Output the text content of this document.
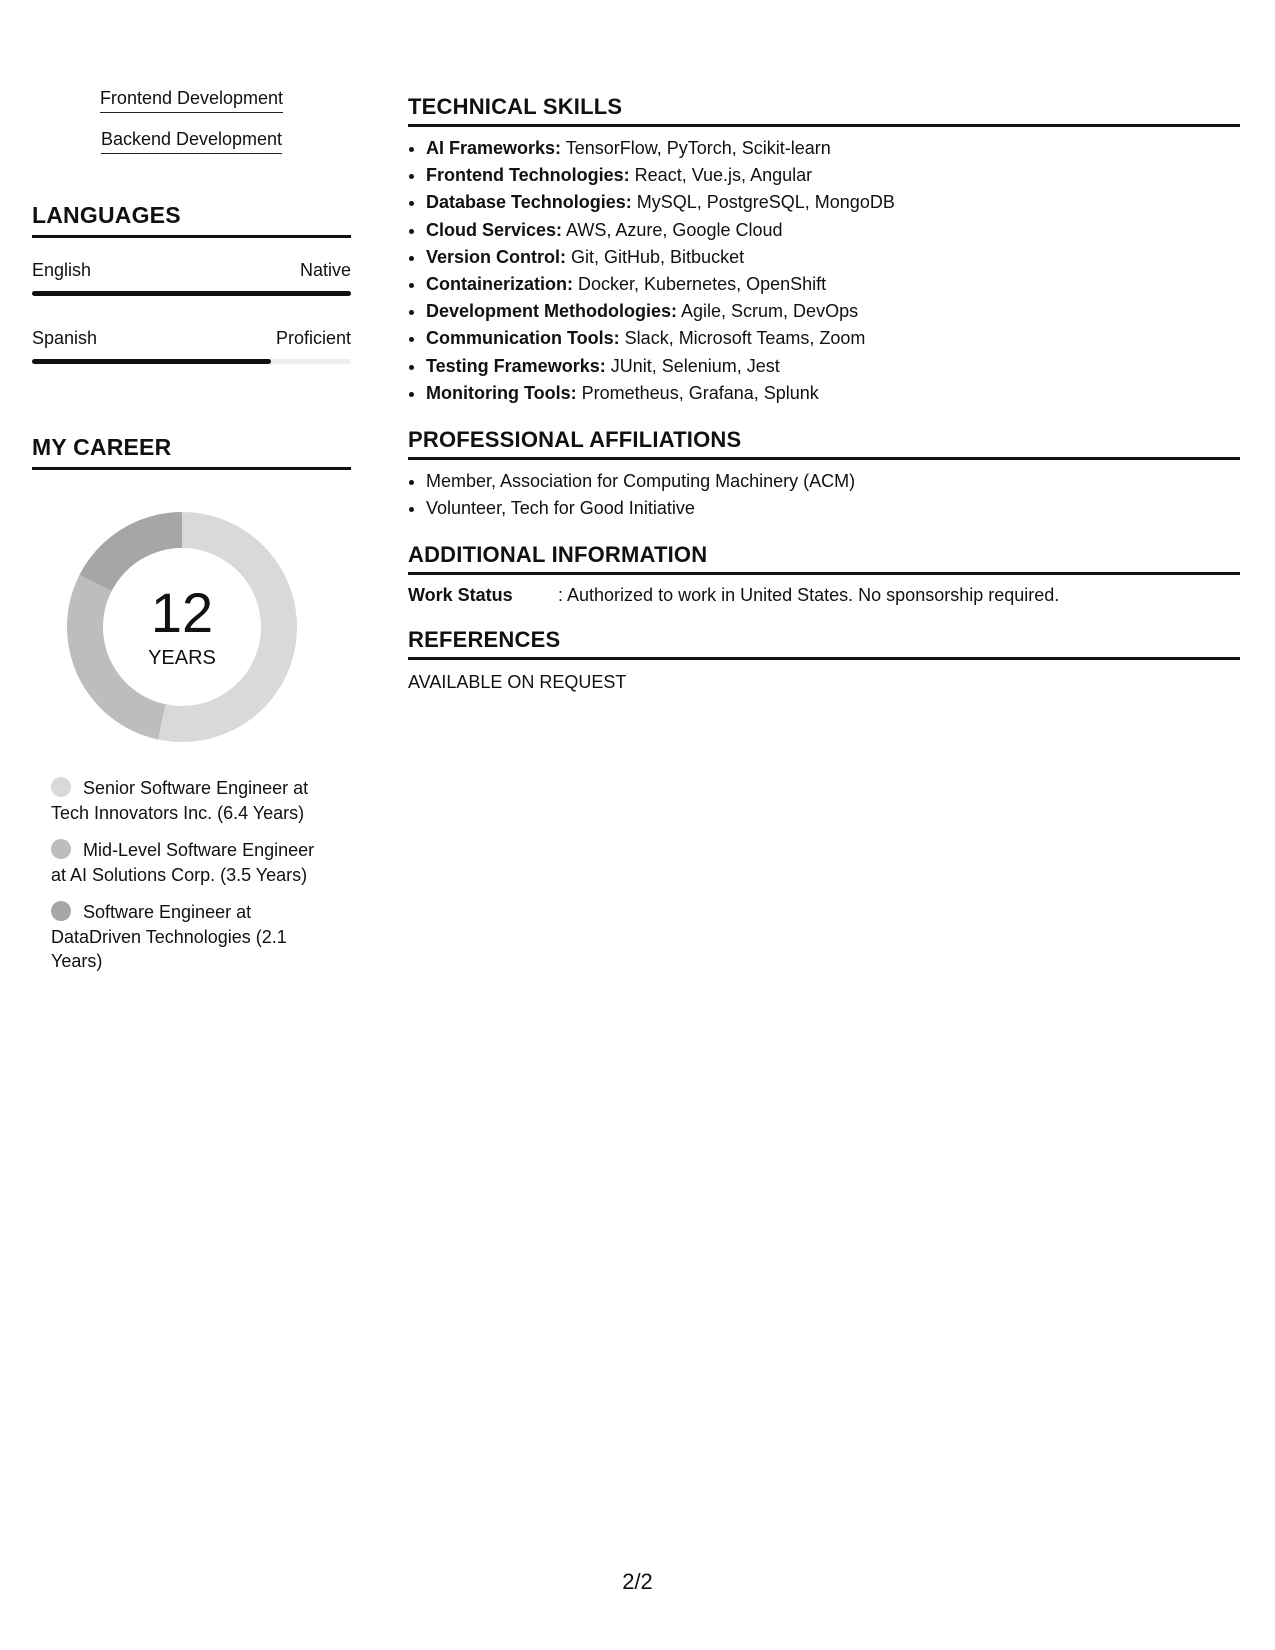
Frontend Development
Backend Development
LANGUAGES
English	Native
Spanish	Proficient
MY CAREER
12
YEARS
Senior Software Engineer at Tech Innovators Inc. (6.4 Years)
Mid-Level Software Engineer at AI Solutions Corp. (3.5 Years)
Software Engineer at DataDriven Technologies (2.1 Years)
TECHNICAL SKILLS
• AI Frameworks: TensorFlow, PyTorch, Scikit-learn
• Frontend Technologies: React, Vue.js, Angular
• Database Technologies: MySQL, PostgreSQL, MongoDB
• Cloud Services: AWS, Azure, Google Cloud
• Version Control: Git, GitHub, Bitbucket
• Containerization: Docker, Kubernetes, OpenShift
• Development Methodologies: Agile, Scrum, DevOps
• Communication Tools: Slack, Microsoft Teams, Zoom
• Testing Frameworks: JUnit, Selenium, Jest
• Monitoring Tools: Prometheus, Grafana, Splunk
PROFESSIONAL AFFILIATIONS
• Member, Association for Computing Machinery (ACM)
• Volunteer, Tech for Good Initiative
ADDITIONAL INFORMATION
Work Status	: Authorized to work in United States. No sponsorship required.
REFERENCES
AVAILABLE ON REQUEST
2/2
